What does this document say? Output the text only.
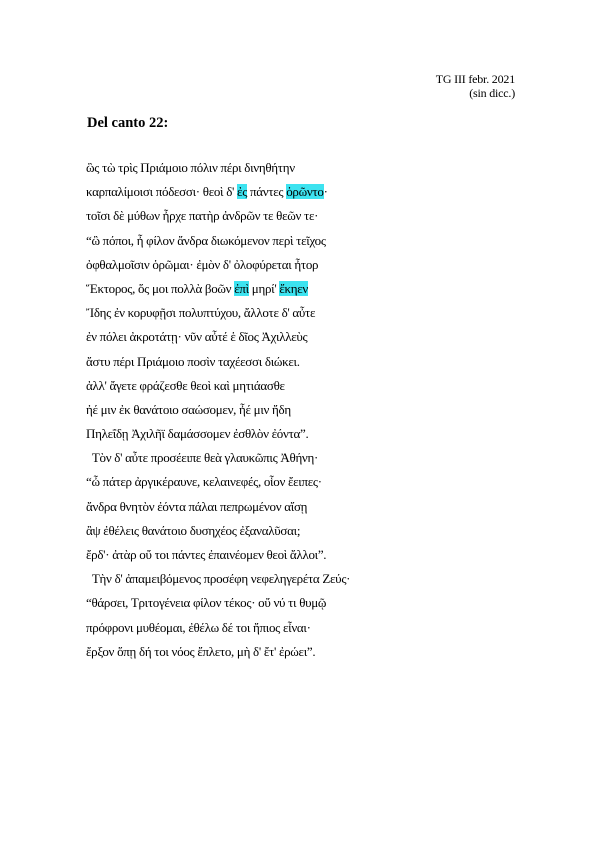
TG III febr. 2021
(sin dicc.)
Del canto 22:
ὣς τὼ τρὶς Πριάμοιο πόλιν πέρι δινηθήτην
καρπαλίμοισι πόδεσσι· θεοὶ δ' ἐς πάντες ὁρῶντο·
τοῖσι δὲ μύθων ἦρχε πατὴρ ἀνδρῶν τε θεῶν τε·
“ὢ πόποι, ἦ φίλον ἄνδρα διωκόμενον περὶ τεῖχος
ὀφθαλμοῖσιν ὁρῶμαι· ἐμὸν δ' ὀλοφύρεται ἦτορ
Ἕκτορος, ὅς μοι πολλὰ βοῶν ἐπὶ μηρί' ἔκηεν
Ἴδης ἐν κορυφῇσι πολυπτύχου, ἄλλοτε δ' αὖτε
ἐν πόλει ἀκροτάτῃ· νῦν αὖτέ ἑ δῖος Ἀχιλλεὺς
ἄστυ πέρι Πριάμοιο ποσὶν ταχέεσσι διώκει.
ἀλλ' ἄγετε φράζεσθε θεοὶ καὶ μητιάασθε
ἠέ μιν ἐκ θανάτοιο σαώσομεν, ἦέ μιν ἤδη
Πηλεΐδῃ Ἀχιλῆϊ δαμάσσομεν ἐσθλὸν ἐόντα”.
Τὸν δ' αὖτε προσέειπε θεὰ γλαυκῶπις Ἀθήνη·
“ὦ πάτερ ἀργικέραυνε, κελαινεφές, οἷον ἔειπες·
ἄνδρα θνητὸν ἐόντα πάλαι πεπρωμένον αἴσῃ
ἂψ ἐθέλεις θανάτοιο δυσηχέος ἐξαναλῦσαι;
ἔρδ'· ἀτὰρ οὔ τοι πάντες ἐπαινέομεν θεοὶ ἄλλοι”.
Τὴν δ' ἀπαμειβόμενος προσέφη νεφεληγερέτα Ζεύς·
“θάρσει, Τριτογένεια φίλον τέκος· οὔ νύ τι θυμῷ
πρόφρονι μυθέομαι, ἐθέλω δέ τοι ἤπιος εἶναι·
ἔρξον ὅπῃ δή τοι νόος ἔπλετο, μὴ δ' ἔτ' ἐρώει”.
